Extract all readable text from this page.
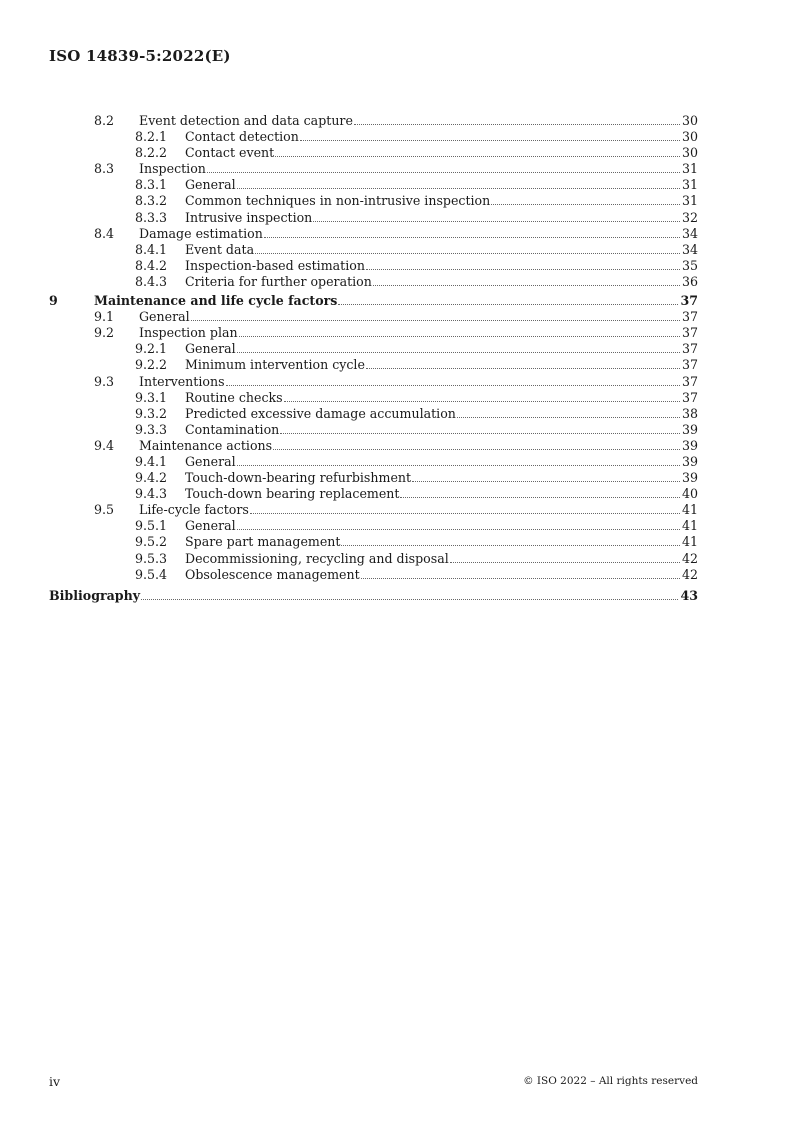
ISO 14839-5:2022(E)
8.2	Event detection and data capture	30
8.2.1	Contact detection	30
8.2.2	Contact event	30
8.3	Inspection	31
8.3.1	General	31
8.3.2	Common techniques in non-intrusive inspection	31
8.3.3	Intrusive inspection	32
8.4	Damage estimation	34
8.4.1	Event data	34
8.4.2	Inspection-based estimation	35
8.4.3	Criteria for further operation	36
9	Maintenance and life cycle factors	37
9.1	General	37
9.2	Inspection plan	37
9.2.1	General	37
9.2.2	Minimum intervention cycle	37
9.3	Interventions	37
9.3.1	Routine checks	37
9.3.2	Predicted excessive damage accumulation	38
9.3.3	Contamination	39
9.4	Maintenance actions	39
9.4.1	General	39
9.4.2	Touch-down-bearing refurbishment	39
9.4.3	Touch-down bearing replacement	40
9.5	Life-cycle factors	41
9.5.1	General	41
9.5.2	Spare part management	41
9.5.3	Decommissioning, recycling and disposal	42
9.5.4	Obsolescence management	42
Bibliography	43
iv	© ISO 2022 – All rights reserved
